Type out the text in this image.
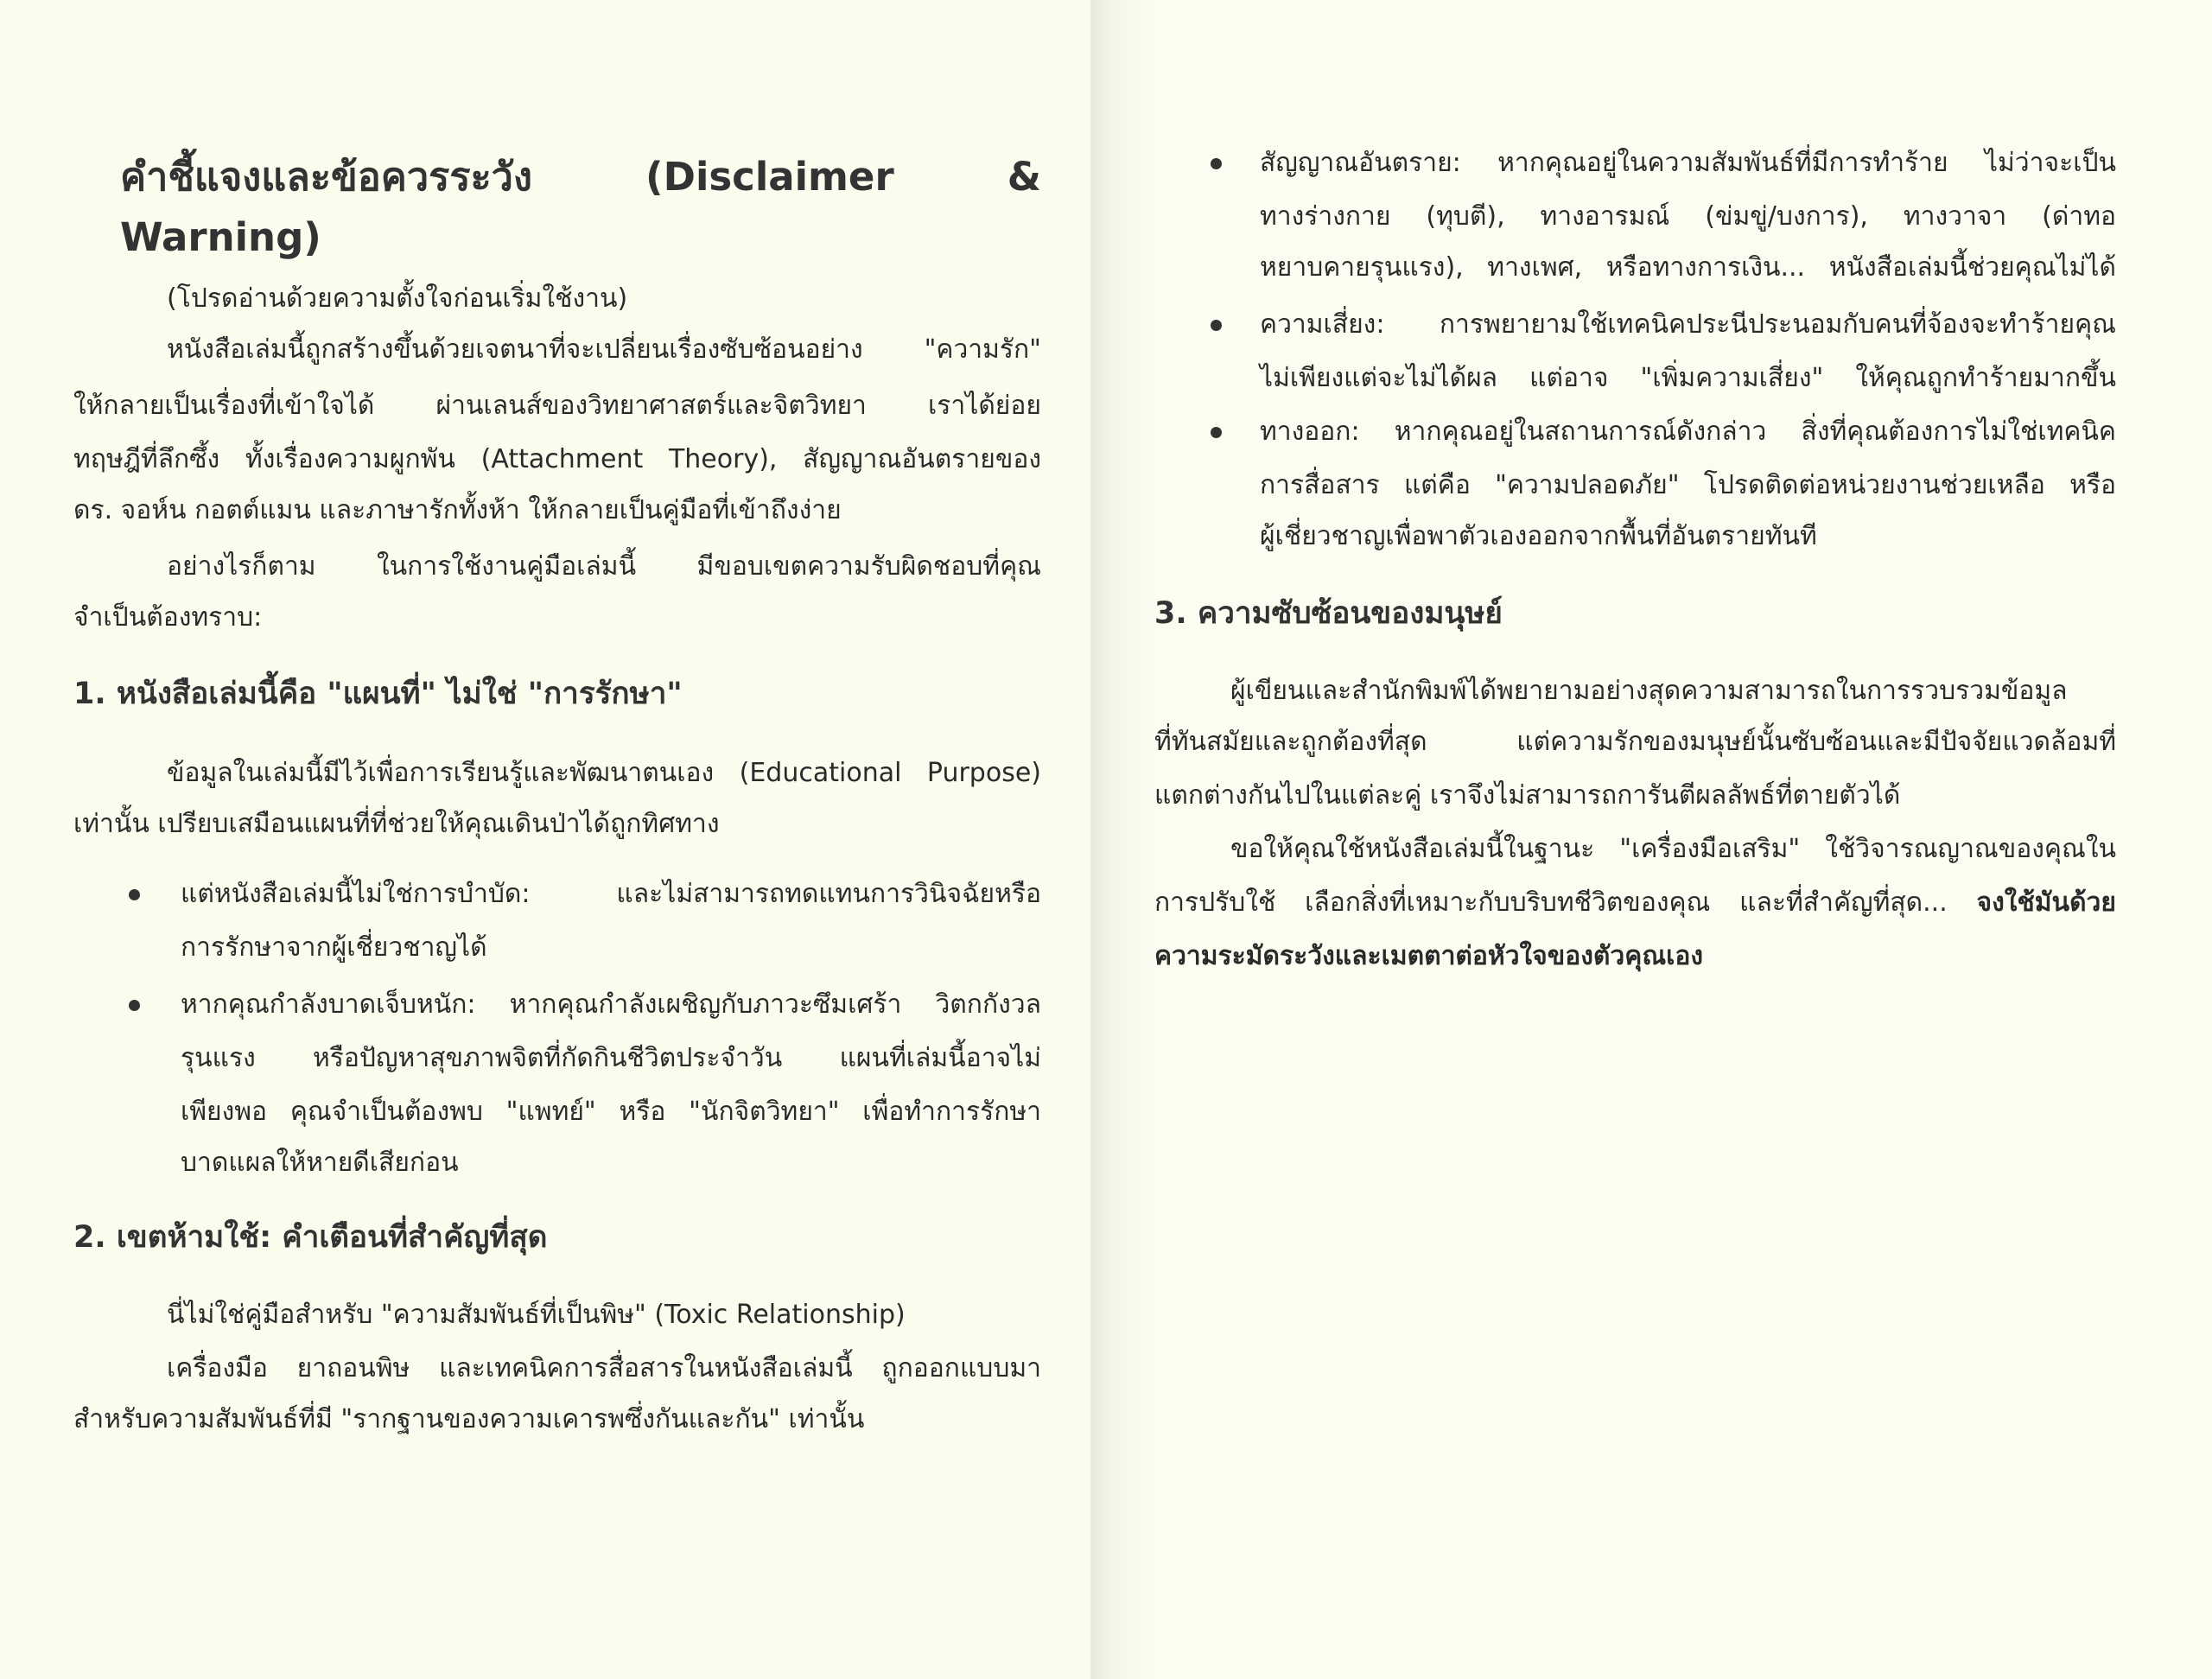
คำชี้แจงและข้อควรระวัง (Disclaimer & Warning)
(โปรดอ่านด้วยความตั้งใจก่อนเริ่มใช้งาน)
หนังสือเล่มนี้ถูกสร้างขึ้นด้วยเจตนาที่จะเปลี่ยนเรื่องซับซ้อนอย่าง "ความรัก"
ให้กลายเป็นเรื่องที่เข้าใจได้ ผ่านเลนส์ของวิทยาศาสตร์และจิตวิทยา เราได้ย่อย
ทฤษฎีที่ลึกซึ้ง ทั้งเรื่องความผูกพัน (Attachment Theory), สัญญาณอันตรายของ
ดร. จอห์น กอตต์แมน และภาษารักทั้งห้า ให้กลายเป็นคู่มือที่เข้าถึงง่าย
อย่างไรก็ตาม ในการใช้งานคู่มือเล่มนี้ มีขอบเขตความรับผิดชอบที่คุณ
จำเป็นต้องทราบ:
1. หนังสือเล่มนี้คือ "แผนที่" ไม่ใช่ "การรักษา"
ข้อมูลในเล่มนี้มีไว้เพื่อการเรียนรู้และพัฒนาตนเอง (Educational Purpose)
เท่านั้น เปรียบเสมือนแผนที่ที่ช่วยให้คุณเดินป่าได้ถูกทิศทาง
แต่หนังสือเล่มนี้ไม่ใช่การบำบัด: และไม่สามารถทดแทนการวินิจฉัยหรือ
การรักษาจากผู้เชี่ยวชาญได้
หากคุณกำลังบาดเจ็บหนัก: หากคุณกำลังเผชิญกับภาวะซึมเศร้า วิตกกังวล
รุนแรง หรือปัญหาสุขภาพจิตที่กัดกินชีวิตประจำวัน แผนที่เล่มนี้อาจไม่
เพียงพอ คุณจำเป็นต้องพบ "แพทย์" หรือ "นักจิตวิทยา" เพื่อทำการรักษา
บาดแผลให้หายดีเสียก่อน
2. เขตห้ามใช้: คำเตือนที่สำคัญที่สุด
นี่ไม่ใช่คู่มือสำหรับ "ความสัมพันธ์ที่เป็นพิษ" (Toxic Relationship)
เครื่องมือ ยาถอนพิษ และเทคนิคการสื่อสารในหนังสือเล่มนี้ ถูกออกแบบมา
สำหรับความสัมพันธ์ที่มี "รากฐานของความเคารพซึ่งกันและกัน" เท่านั้น
สัญญาณอันตราย: หากคุณอยู่ในความสัมพันธ์ที่มีการทำร้าย ไม่ว่าจะเป็น
ทางร่างกาย (ทุบตี), ทางอารมณ์ (ข่มขู่/บงการ), ทางวาจา (ด่าทอ
หยาบคายรุนแรง), ทางเพศ, หรือทางการเงิน... หนังสือเล่มนี้ช่วยคุณไม่ได้
ความเสี่ยง: การพยายามใช้เทคนิคประนีประนอมกับคนที่จ้องจะทำร้ายคุณ
ไม่เพียงแต่จะไม่ได้ผล แต่อาจ "เพิ่มความเสี่ยง" ให้คุณถูกทำร้ายมากขึ้น
ทางออก: หากคุณอยู่ในสถานการณ์ดังกล่าว สิ่งที่คุณต้องการไม่ใช่เทคนิค
การสื่อสาร แต่คือ "ความปลอดภัย" โปรดติดต่อหน่วยงานช่วยเหลือ หรือ
ผู้เชี่ยวชาญเพื่อพาตัวเองออกจากพื้นที่อันตรายทันที
3. ความซับซ้อนของมนุษย์
ผู้เขียนและสำนักพิมพ์ได้พยายามอย่างสุดความสามารถในการรวบรวมข้อมูล
ที่ทันสมัยและถูกต้องที่สุด แต่ความรักของมนุษย์นั้นซับซ้อนและมีปัจจัยแวดล้อมที่
แตกต่างกันไปในแต่ละคู่ เราจึงไม่สามารถการันตีผลลัพธ์ที่ตายตัวได้
ขอให้คุณใช้หนังสือเล่มนี้ในฐานะ "เครื่องมือเสริม" ใช้วิจารณญาณของคุณใน
การปรับใช้ เลือกสิ่งที่เหมาะกับบริบทชีวิตของคุณ และที่สำคัญที่สุด... จงใช้มันด้วย
ความระมัดระวังและเมตตาต่อหัวใจของตัวคุณเอง
